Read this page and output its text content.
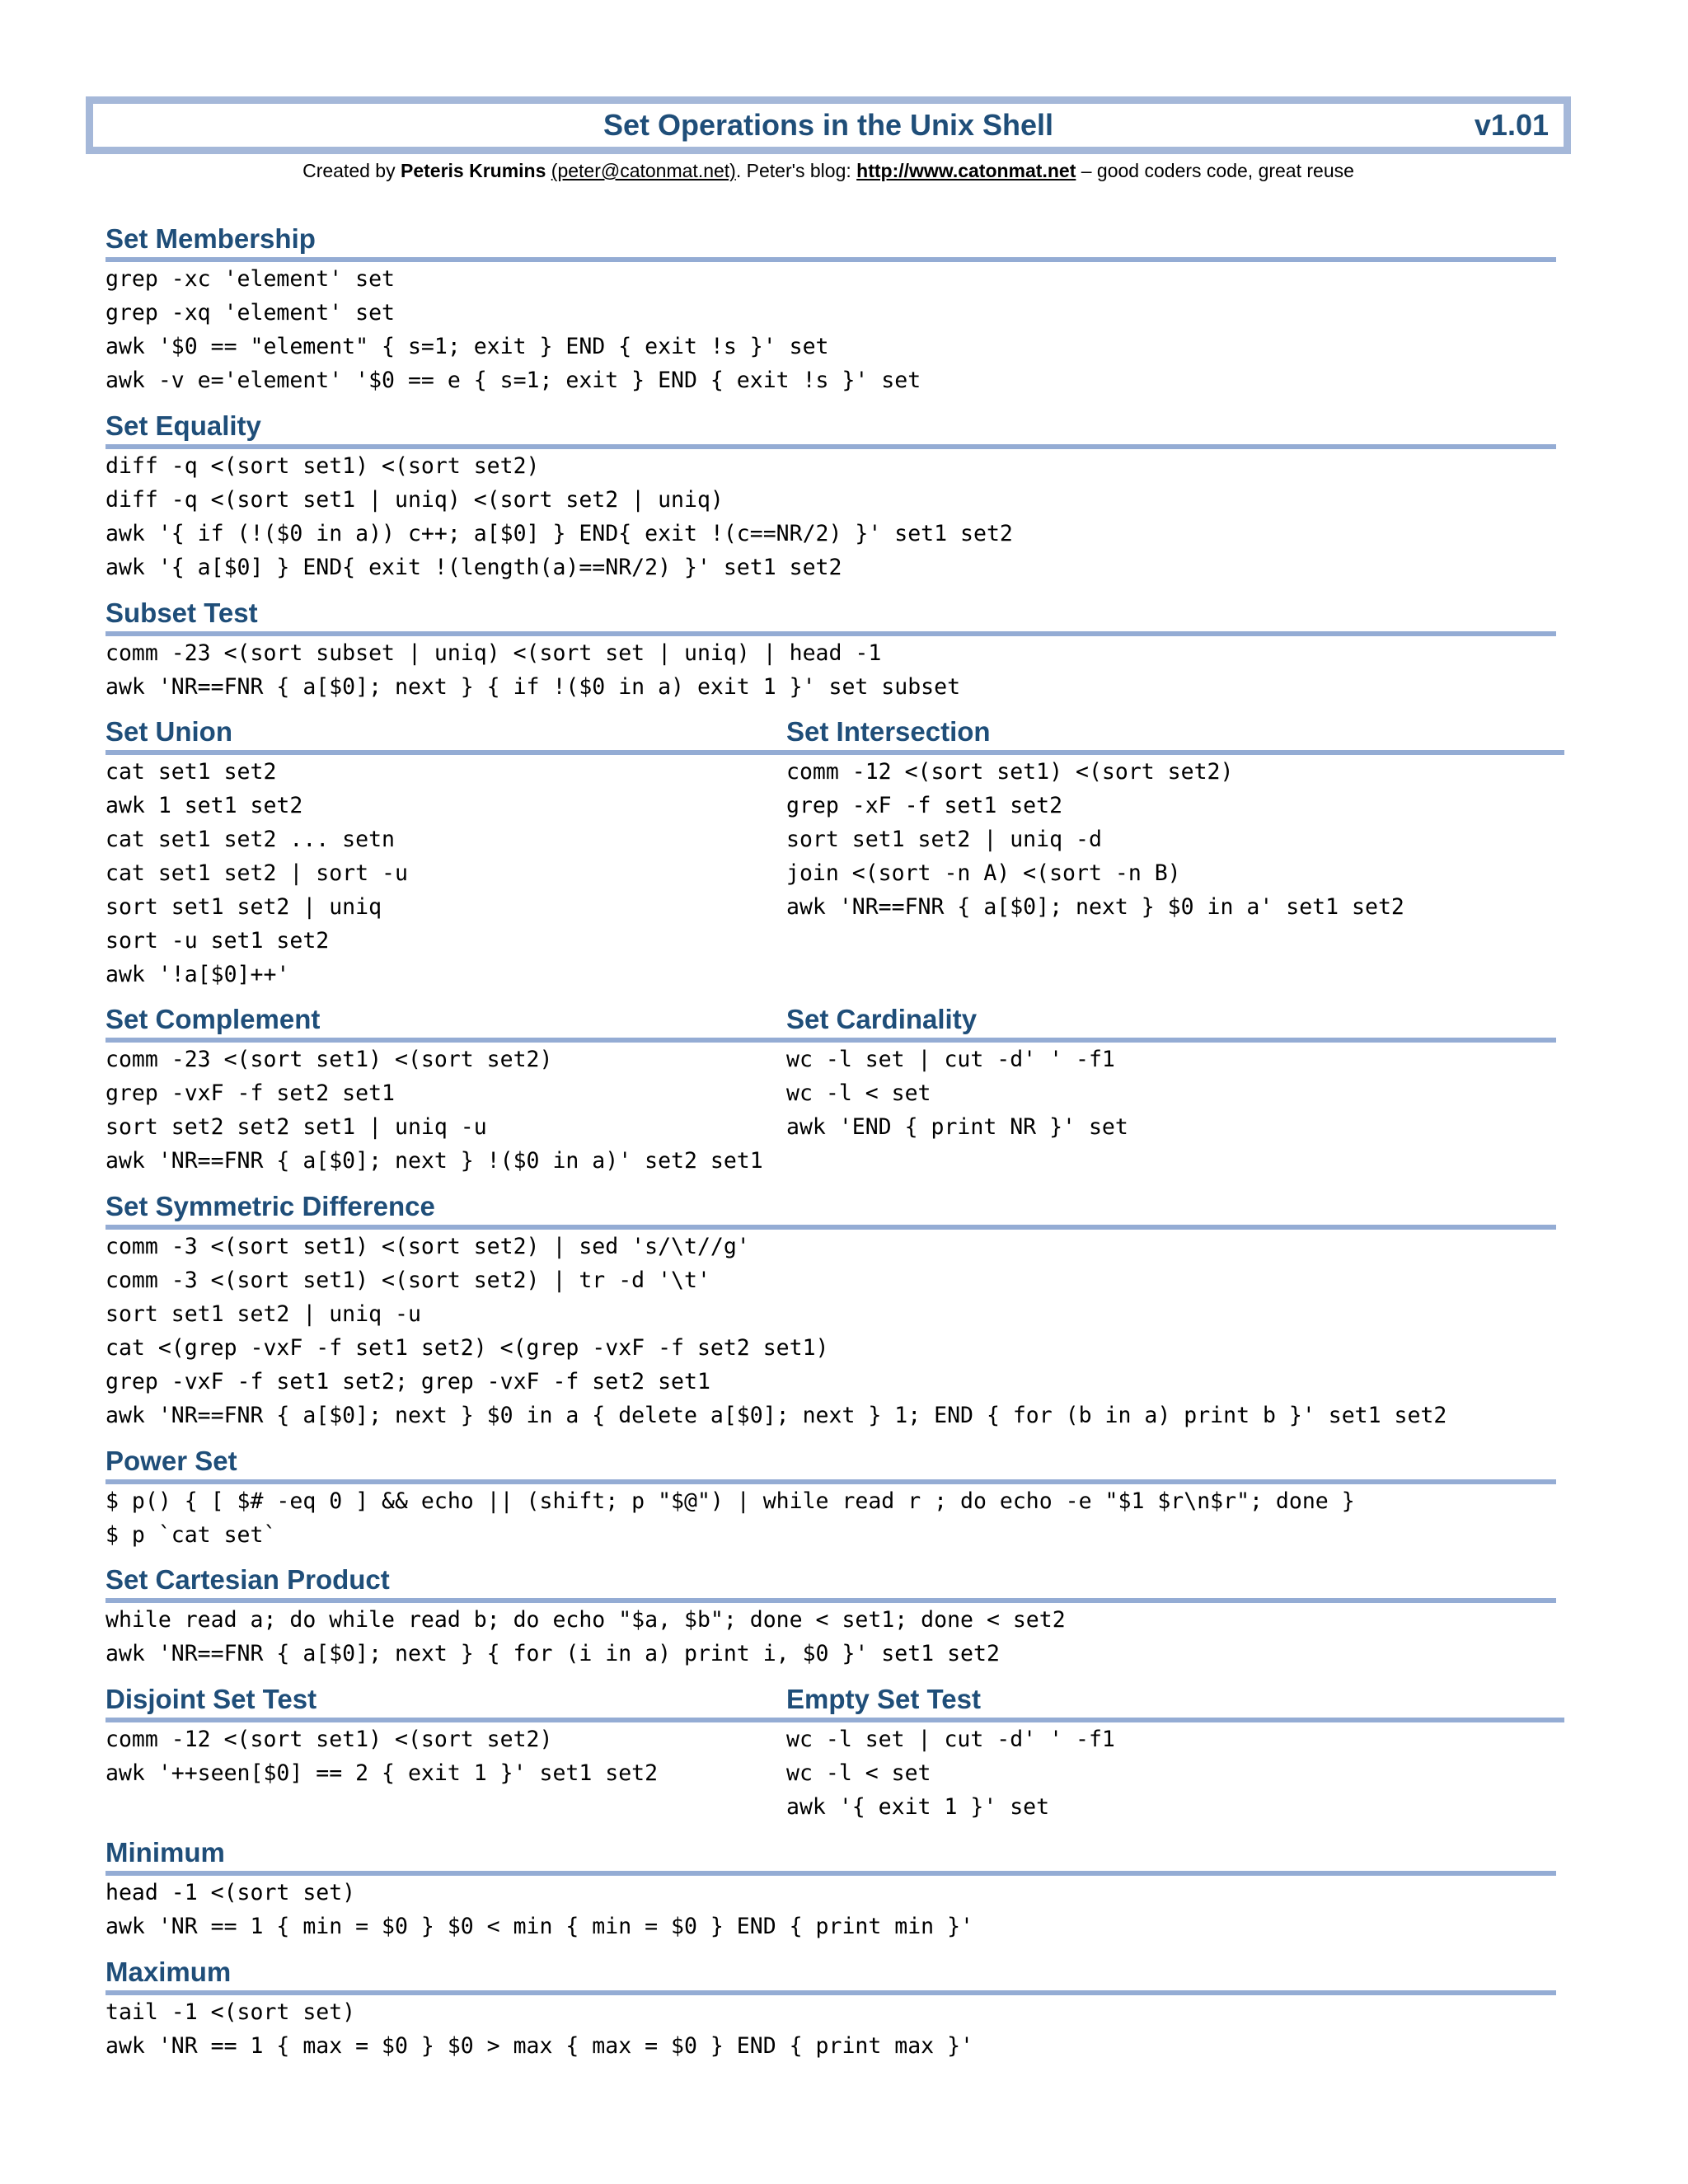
Set Operations in the Unix Shell	v1.01
Created by Peteris Krumins (peter@catonmat.net). Peter's blog: http://www.catonmat.net – good coders code, great reuse
Set Membership
grep -xc 'element' set
grep -xq 'element' set
awk '$0 == "element" { s=1; exit } END { exit !s }' set
awk -v e='element' '$0 == e { s=1; exit } END { exit !s }' set
Set Equality
diff -q <(sort set1) <(sort set2)
diff -q <(sort set1 | uniq) <(sort set2 | uniq)
awk '{ if (!($0 in a)) c++; a[$0] } END{ exit !(c==NR/2) }' set1 set2
awk '{ a[$0] } END{ exit !(length(a)==NR/2) }' set1 set2
Subset Test
comm -23 <(sort subset | uniq) <(sort set | uniq) | head -1
awk 'NR==FNR { a[$0]; next } { if !($0 in a) exit 1 }' set subset
Set Union
cat set1 set2
awk 1 set1 set2
cat set1 set2 ... setn
cat set1 set2 | sort -u
sort set1 set2 | uniq
sort -u set1 set2
awk '!a[$0]++'
Set Intersection
comm -12 <(sort set1) <(sort set2)
grep -xF -f set1 set2
sort set1 set2 | uniq -d
join <(sort -n A) <(sort -n B)
awk 'NR==FNR { a[$0]; next } $0 in a' set1 set2
Set Complement
comm -23 <(sort set1) <(sort set2)
grep -vxF -f set2 set1
sort set2 set2 set1 | uniq -u
awk 'NR==FNR { a[$0]; next } !($0 in a)' set2 set1
Set Cardinality
wc -l set | cut -d' ' -f1
wc -l < set
awk 'END { print NR }' set
Set Symmetric Difference
comm -3 <(sort set1) <(sort set2) | sed 's/\t//g'
comm -3 <(sort set1) <(sort set2) | tr -d '\t'
sort set1 set2 | uniq -u
cat <(grep -vxF -f set1 set2) <(grep -vxF -f set2 set1)
grep -vxF -f set1 set2; grep -vxF -f set2 set1
awk 'NR==FNR { a[$0]; next } $0 in a { delete a[$0]; next } 1; END { for (b in a) print b }' set1 set2
Power Set
$ p() { [ $# -eq 0 ] && echo || (shift; p "$@") | while read r ; do echo -e "$1 $r\n$r"; done }
$ p `cat set`
Set Cartesian Product
while read a; do while read b; do echo "$a, $b"; done < set1; done < set2
awk 'NR==FNR { a[$0]; next } { for (i in a) print i, $0 }' set1 set2
Disjoint Set Test
comm -12 <(sort set1) <(sort set2)
awk '++seen[$0] == 2 { exit 1 }' set1 set2
Empty Set Test
wc -l set | cut -d' ' -f1
wc -l < set
awk '{ exit 1 }' set
Minimum
head -1 <(sort set)
awk 'NR == 1 { min = $0 } $0 < min { min = $0 } END { print min }'
Maximum
tail -1 <(sort set)
awk 'NR == 1 { max = $0 } $0 > max { max = $0 } END { print max }'
